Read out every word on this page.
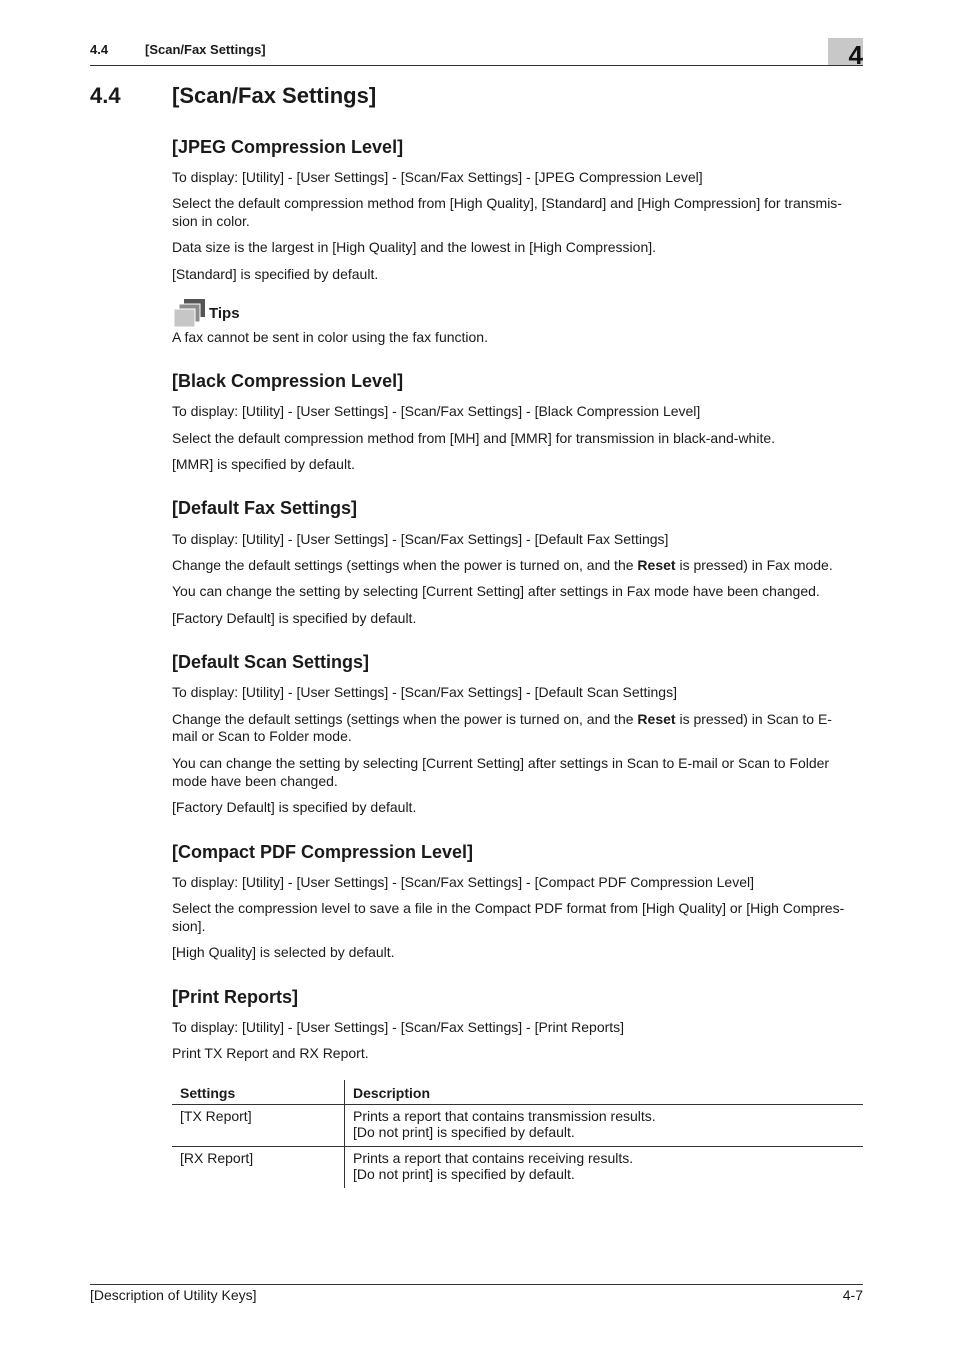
4.4	[Scan/Fax Settings]	4
4.4 [Scan/Fax Settings]
[JPEG Compression Level]
To display: [Utility] - [User Settings] - [Scan/Fax Settings] - [JPEG Compression Level]
Select the default compression method from [High Quality], [Standard] and [High Compression] for transmis-
sion in color.
Data size is the largest in [High Quality] and the lowest in [High Compression].
[Standard] is specified by default.
Tips
A fax cannot be sent in color using the fax function.
[Black Compression Level]
To display: [Utility] - [User Settings] - [Scan/Fax Settings] - [Black Compression Level]
Select the default compression method from [MH] and [MMR] for transmission in black-and-white.
[MMR] is specified by default.
[Default Fax Settings]
To display: [Utility] - [User Settings] - [Scan/Fax Settings] - [Default Fax Settings]
Change the default settings (settings when the power is turned on, and the Reset is pressed) in Fax mode.
You can change the setting by selecting [Current Setting] after settings in Fax mode have been changed.
[Factory Default] is specified by default.
[Default Scan Settings]
To display: [Utility] - [User Settings] - [Scan/Fax Settings] - [Default Scan Settings]
Change the default settings (settings when the power is turned on, and the Reset is pressed) in Scan to E-
mail or Scan to Folder mode.
You can change the setting by selecting [Current Setting] after settings in Scan to E-mail or Scan to Folder
mode have been changed.
[Factory Default] is specified by default.
[Compact PDF Compression Level]
To display: [Utility] - [User Settings] - [Scan/Fax Settings] - [Compact PDF Compression Level]
Select the compression level to save a file in the Compact PDF format from [High Quality] or [High Compres-
sion].
[High Quality] is selected by default.
[Print Reports]
To display: [Utility] - [User Settings] - [Scan/Fax Settings] - [Print Reports]
Print TX Report and RX Report.
Settings	Description
[TX Report]	Prints a report that contains transmission results.
[Do not print] is specified by default.

[RX Report]	Prints a report that contains receiving results.
[Do not print] is specified by default.
[Description of Utility Keys]	4-7
